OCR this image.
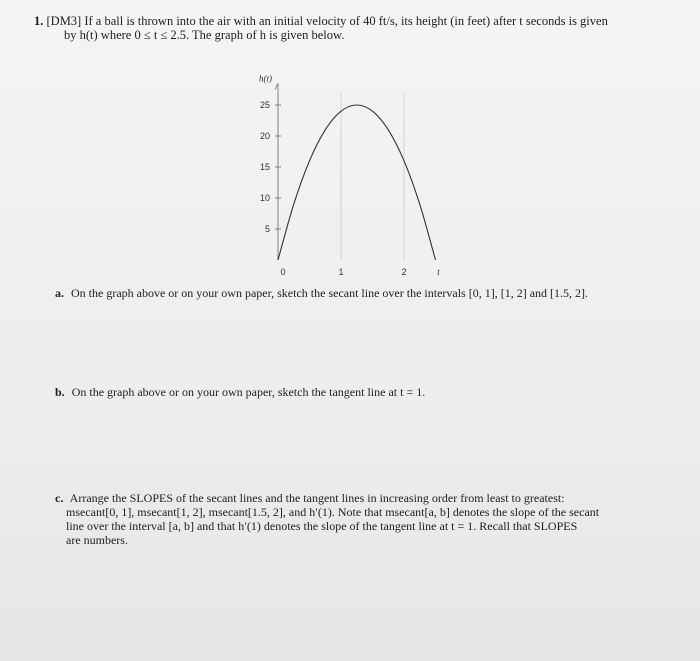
1. [DM3] If a ball is thrown into the air with an initial velocity of 40 ft/s, its height (in feet) after t seconds is given
by h(t) where 0 ≤ t ≤ 2.5. The graph of h is given below.
25
20
15
10
5
0	1	2
h(t)
t
a. On the graph above or on your own paper, sketch the secant line over the intervals [0, 1], [1, 2] and [1.5, 2].
b. On the graph above or on your own paper, sketch the tangent line at t = 1.
c. Arrange the SLOPES of the secant lines and the tangent lines in increasing order from least to greatest:
msecant[0, 1], msecant[1, 2], msecant[1.5, 2], and h′(1). Note that msecant[a, b] denotes the slope of the secant
line over the interval [a, b] and that h′(1) denotes the slope of the tangent line at t = 1. Recall that SLOPES
are numbers.
